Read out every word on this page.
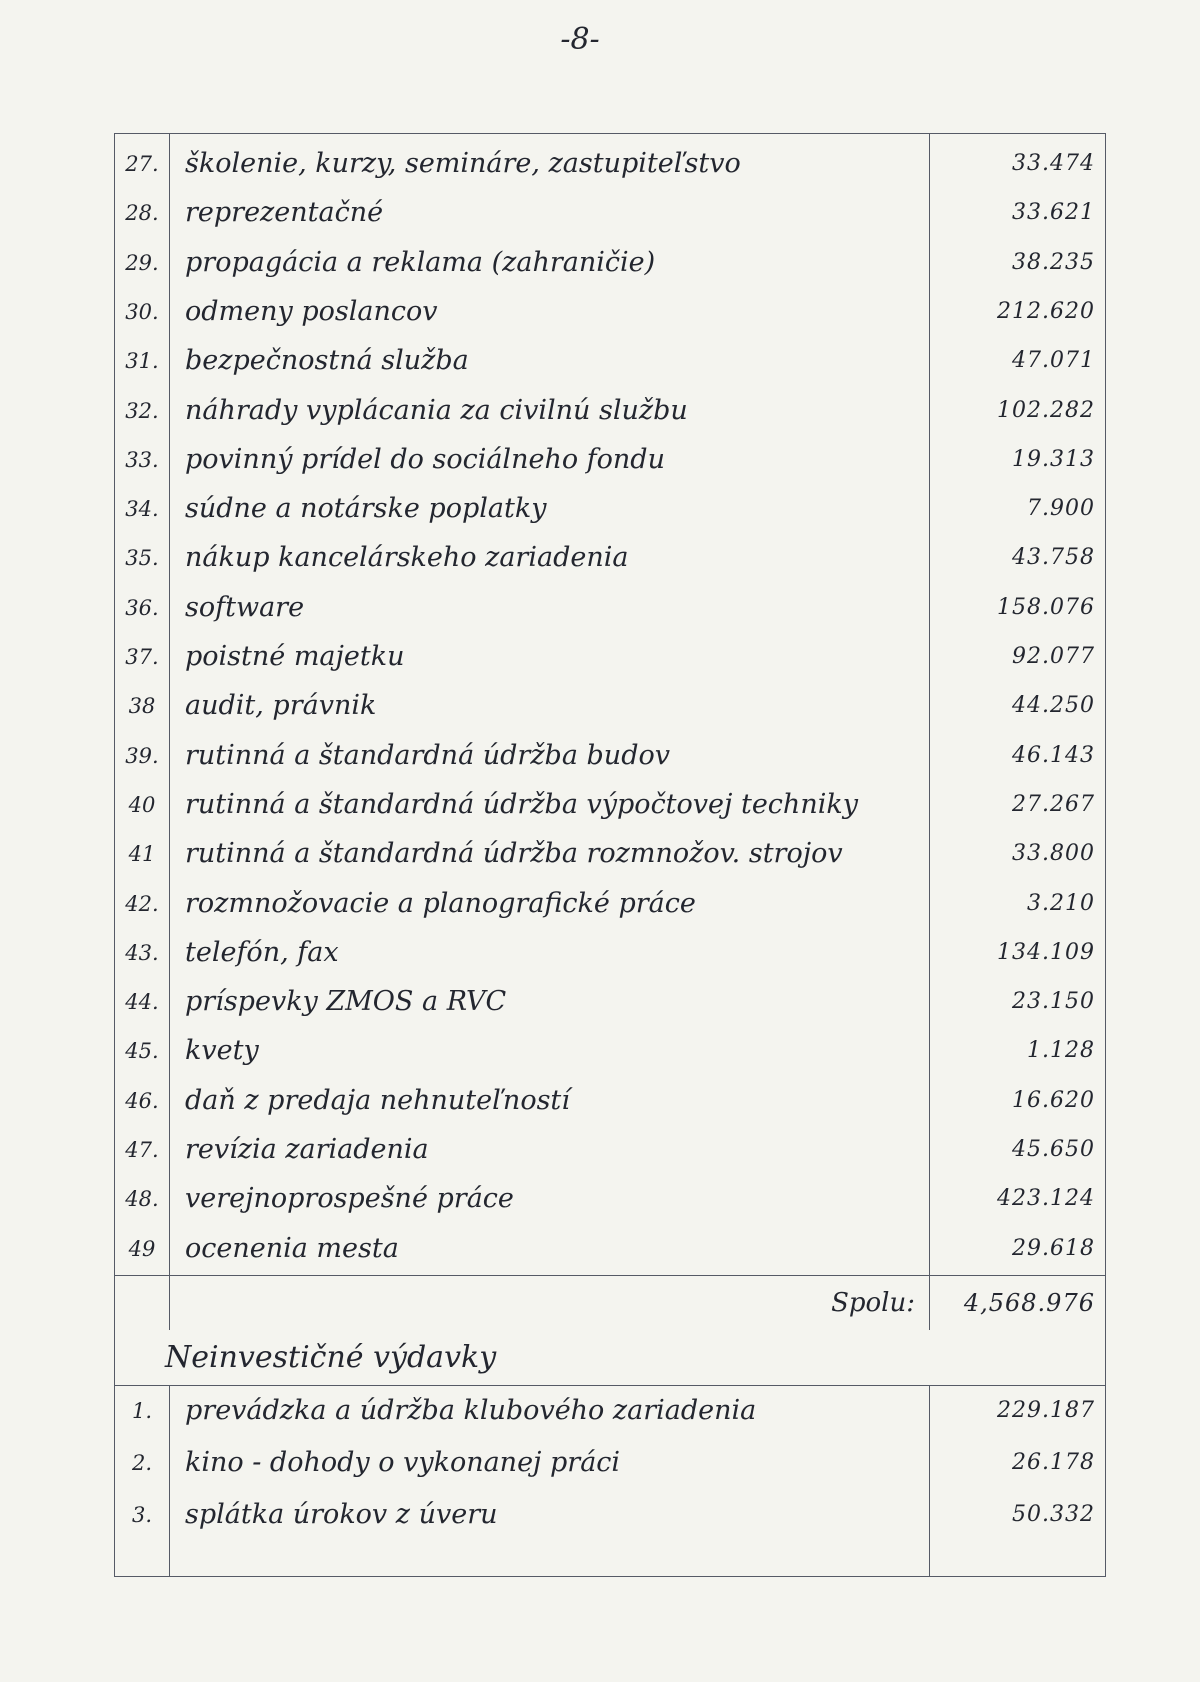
-8-
27. školenie, kurzy, semináre, zastupiteľstvo	33.474
28. reprezentačné	33.621
29. propagácia a reklama (zahraničie)	38.235
30. odmeny poslancov	212.620
31. bezpečnostná služba	47.071
32. náhrady vyplácania za civilnú službu	102.282
33. povinný prídel do sociálneho fondu	19.313
34. súdne a notárske poplatky	7.900
35. nákup kancelárskeho zariadenia	43.758
36. software	158.076
37. poistné majetku	92.077
38	audit, právnik	44.250
39. rutinná a štandardná údržba budov	46.143
40	rutinná a štandardná údržba výpočtovej techniky	27.267
41	rutinná a štandardná údržba rozmnožov. strojov	33.800
42. rozmnožovacie a planografické práce	3.210
43. telefón, fax	134.109
44. príspevky ZMOS a RVC	23.150
45. kvety	1.128
46. daň z predaja nehnuteľností	16.620
47. revízia zariadenia	45.650
48. verejnoprospešné práce	423.124
49	ocenenia mesta	29.618
Spolu:	4,568.976
Neinvestičné výdavky
1.	prevádzka a údržba klubového zariadenia	229.187
2.	kino - dohody o vykonanej práci	26.178
3.	splátka úrokov z úveru	50.332
